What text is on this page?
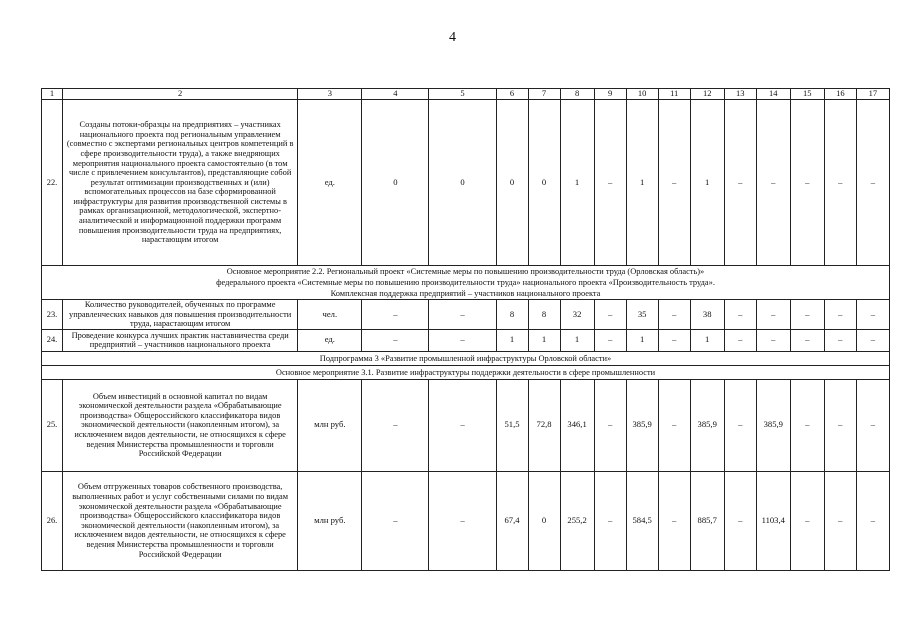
4
1	2	3	4	5	6	7	8	9	10	11	12	13	14	15	16	17
22.	Созданы потоки-образцы на предприятиях – участниках национального проекта под региональным управлением (совместно с экспертами региональных центров компетенций в сфере производительности труда), а также внедряющих мероприятия национального проекта самостоятельно (в том числе с привлечением консультантов), представляющие собой результат оптимизации производственных и (или) вспомогательных процессов на базе сформированной инфраструктуры для развития производственной системы в рамках организационной, методологической, экспертно-аналитической и информационной поддержки программ повышения производительности труда на предприятиях, нарастающим итогом	ед.	0	0	0	0	1	–	1	–	1	–	–	–	–	–

Основное мероприятие 2.2. Региональный проект «Системные меры по повышению производительности труда (Орловская область)»
федерального проекта «Системные меры по повышению производительности труда» национального проекта «Производительность труда».
Комплексная поддержка предприятий – участников национального проекта																

23.	Количество руководителей, обученных по программе управленческих навыков для повышения производительности труда, нарастающим итогом	чел.	–	–	8	8	32	–	35	–	38	–	–	–	–	–
24.	Проведение конкурса лучших практик наставничества среди предприятий – участников национального проекта	ед.	–	–	1	1	1	–	1	–	1	–	–	–	–	–

Подпрограмма 3 «Развитие промышленной инфраструктуры Орловской области»																

Основное мероприятие 3.1. Развитие инфраструктуры поддержки деятельности в сфере промышленности																

25.	Объем инвестиций в основной капитал по видам экономической деятельности раздела «Обрабатывающие производства» Общероссийского классификатора видов экономической деятельности (накопленным итогом), за исключением видов деятельности, не относящихся к сфере ведения Министерства промышленности и торговли Российской Федерации	млн руб.	–	–	51,5	72,8	346,1	–	385,9	–	385,9	–	385,9	–	–	–
26.	Объем отгруженных товаров собственного производства, выполненных работ и услуг собственными силами по видам экономической деятельности раздела «Обрабатывающие производства» Общероссийского классификатора видов экономической деятельности (накопленным итогом), за исключением видов деятельности, не относящихся к сфере ведения Министерства промышленности и торговли Российской Федерации	млн руб.	–	–	67,4	0	255,2	–	584,5	–	885,7	–	1103,4	–	–	–
